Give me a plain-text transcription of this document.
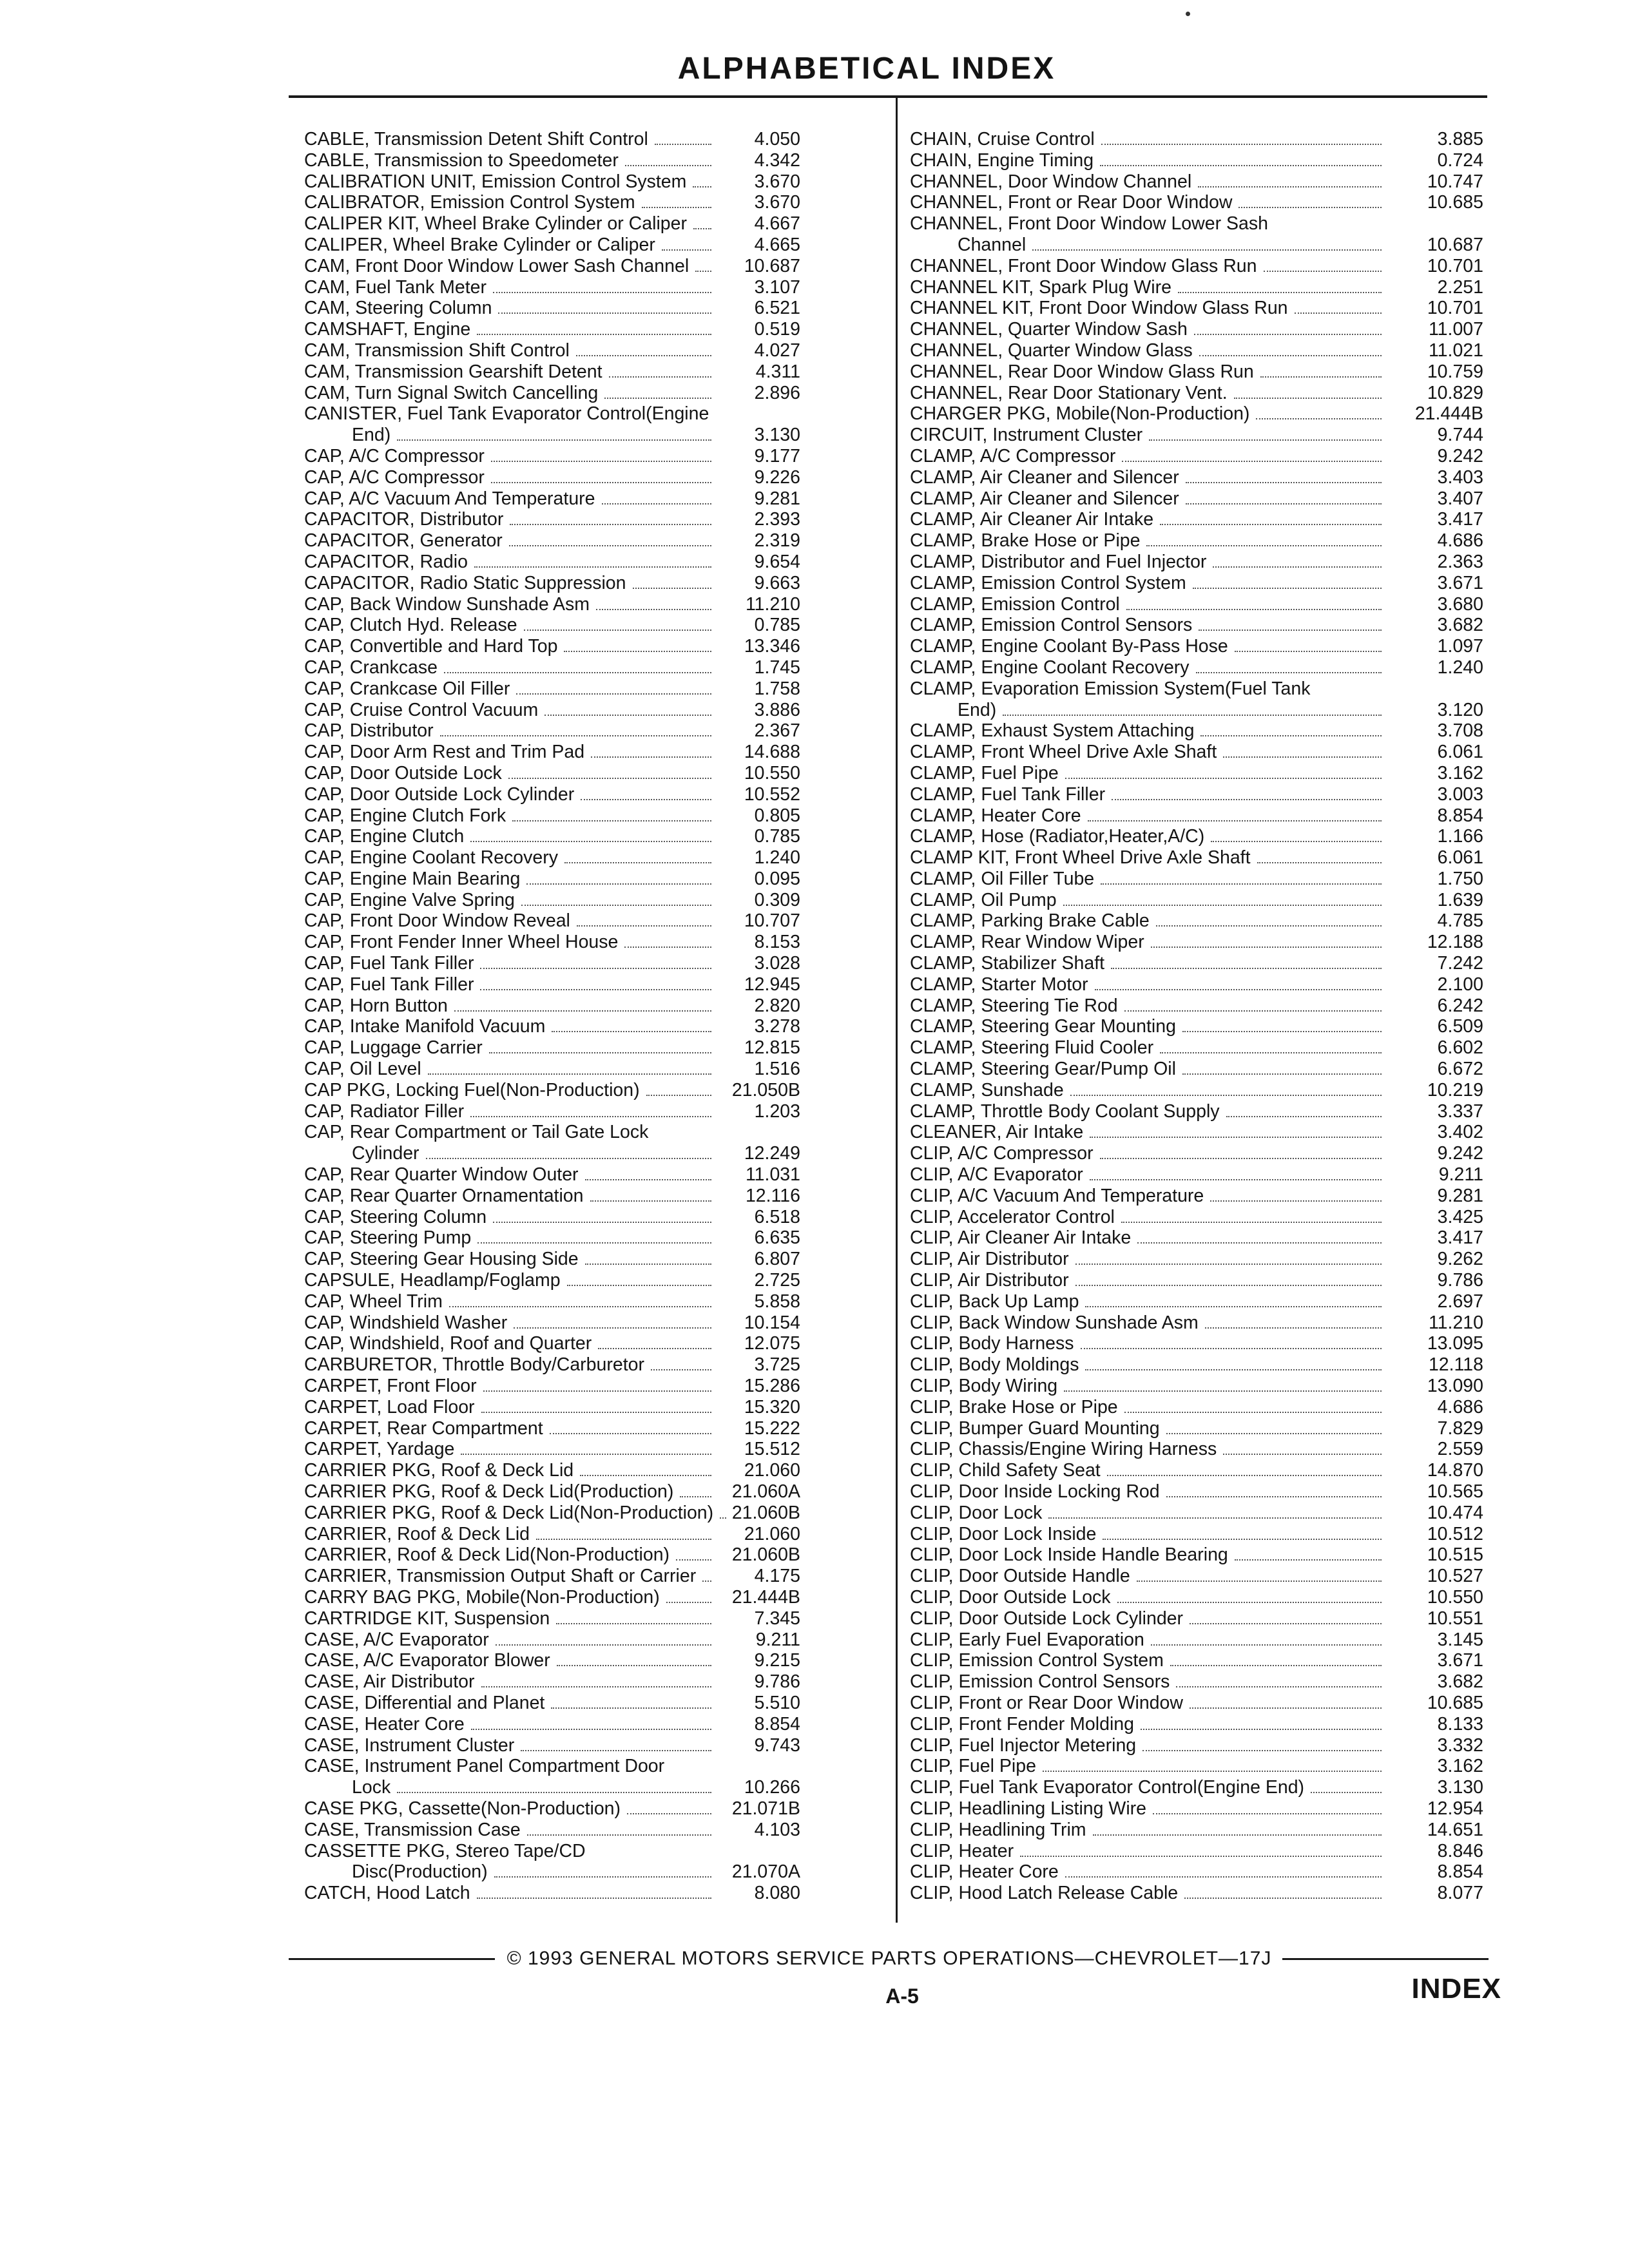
ALPHABETICAL INDEX
CABLE, Transmission Detent Shift Control	4.050
CABLE, Transmission to Speedometer	4.342
CALIBRATION UNIT, Emission Control System	3.670
CALIBRATOR, Emission Control System	3.670
CALIPER KIT, Wheel Brake Cylinder or Caliper	4.667
CALIPER, Wheel Brake Cylinder or Caliper	4.665
CAM, Front Door Window Lower Sash Channel	10.687
CAM, Fuel Tank Meter	3.107
CAM, Steering Column	6.521
CAMSHAFT, Engine	0.519
CAM, Transmission Shift Control	4.027
CAM, Transmission Gearshift Detent	4.311
CAM, Turn Signal Switch Cancelling	2.896
CANISTER, Fuel Tank Evaporator Control(Engine
End)	3.130
CAP, A/C Compressor	9.177
CAP, A/C Compressor	9.226
CAP, A/C Vacuum And Temperature	9.281
CAPACITOR, Distributor	2.393
CAPACITOR, Generator	2.319
CAPACITOR, Radio	9.654
CAPACITOR, Radio Static Suppression	9.663
CAP, Back Window Sunshade Asm	11.210
CAP, Clutch Hyd. Release	0.785
CAP, Convertible and Hard Top	13.346
CAP, Crankcase	1.745
CAP, Crankcase Oil Filler	1.758
CAP, Cruise Control Vacuum	3.886
CAP, Distributor	2.367
CAP, Door Arm Rest and Trim Pad	14.688
CAP, Door Outside Lock	10.550
CAP, Door Outside Lock Cylinder	10.552
CAP, Engine Clutch Fork	0.805
CAP, Engine Clutch	0.785
CAP, Engine Coolant Recovery	1.240
CAP, Engine Main Bearing	0.095
CAP, Engine Valve Spring	0.309
CAP, Front Door Window Reveal	10.707
CAP, Front Fender Inner Wheel House	8.153
CAP, Fuel Tank Filler	3.028
CAP, Fuel Tank Filler	12.945
CAP, Horn Button	2.820
CAP, Intake Manifold Vacuum	3.278
CAP, Luggage Carrier	12.815
CAP, Oil Level	1.516
CAP PKG, Locking Fuel(Non-Production)	21.050B
CAP, Radiator Filler	1.203
CAP, Rear Compartment or Tail Gate Lock
Cylinder	12.249
CAP, Rear Quarter Window Outer	11.031
CAP, Rear Quarter Ornamentation	12.116
CAP, Steering Column	6.518
CAP, Steering Pump	6.635
CAP, Steering Gear Housing Side	6.807
CAPSULE, Headlamp/Foglamp	2.725
CAP, Wheel Trim	5.858
CAP, Windshield Washer	10.154
CAP, Windshield, Roof and Quarter	12.075
CARBURETOR, Throttle Body/Carburetor	3.725
CARPET, Front Floor	15.286
CARPET, Load Floor	15.320
CARPET, Rear Compartment	15.222
CARPET, Yardage	15.512
CARRIER PKG, Roof & Deck Lid	21.060
CARRIER PKG, Roof & Deck Lid(Production)	21.060A
CARRIER PKG, Roof & Deck Lid(Non-Production) 21.060B
CARRIER, Roof & Deck Lid	21.060
CARRIER, Roof & Deck Lid(Non-Production)	21.060B
CARRIER, Transmission Output Shaft or Carrier	4.175
CARRY BAG PKG, Mobile(Non-Production)	21.444B
CARTRIDGE KIT, Suspension	7.345
CASE, A/C Evaporator	9.211
CASE, A/C Evaporator Blower	9.215
CASE, Air Distributor	9.786
CASE, Differential and Planet	5.510
CASE, Heater Core	8.854
CASE, Instrument Cluster	9.743
CASE, Instrument Panel Compartment Door
Lock	10.266
CASE PKG, Cassette(Non-Production)	21.071B
CASE, Transmission Case	4.103
CASSETTE PKG, Stereo Tape/CD
Disc(Production)	21.070A
CATCH, Hood Latch	8.080
CHAIN, Cruise Control	3.885
CHAIN, Engine Timing	0.724
CHANNEL, Door Window Channel	10.747
CHANNEL, Front or Rear Door Window	10.685
CHANNEL, Front Door Window Lower Sash
Channel	10.687
CHANNEL, Front Door Window Glass Run	10.701
CHANNEL KIT, Spark Plug Wire	2.251
CHANNEL KIT, Front Door Window Glass Run	10.701
CHANNEL, Quarter Window Sash	11.007
CHANNEL, Quarter Window Glass	11.021
CHANNEL, Rear Door Window Glass Run	10.759
CHANNEL, Rear Door Stationary Vent.	10.829
CHARGER PKG, Mobile(Non-Production)	21.444B
CIRCUIT, Instrument Cluster	9.744
CLAMP, A/C Compressor	9.242
CLAMP, Air Cleaner and Silencer	3.403
CLAMP, Air Cleaner and Silencer	3.407
CLAMP, Air Cleaner Air Intake	3.417
CLAMP, Brake Hose or Pipe	4.686
CLAMP, Distributor and Fuel Injector	2.363
CLAMP, Emission Control System	3.671
CLAMP, Emission Control	3.680
CLAMP, Emission Control Sensors	3.682
CLAMP, Engine Coolant By-Pass Hose	1.097
CLAMP, Engine Coolant Recovery	1.240
CLAMP, Evaporation Emission System(Fuel Tank
End)	3.120
CLAMP, Exhaust System Attaching	3.708
CLAMP, Front Wheel Drive Axle Shaft	6.061
CLAMP, Fuel Pipe	3.162
CLAMP, Fuel Tank Filler	3.003
CLAMP, Heater Core	8.854
CLAMP, Hose (Radiator,Heater,A/C)	1.166
CLAMP KIT, Front Wheel Drive Axle Shaft	6.061
CLAMP, Oil Filler Tube	1.750
CLAMP, Oil Pump	1.639
CLAMP, Parking Brake Cable	4.785
CLAMP, Rear Window Wiper	12.188
CLAMP, Stabilizer Shaft	7.242
CLAMP, Starter Motor	2.100
CLAMP, Steering Tie Rod	6.242
CLAMP, Steering Gear Mounting	6.509
CLAMP, Steering Fluid Cooler	6.602
CLAMP, Steering Gear/Pump Oil	6.672
CLAMP, Sunshade	10.219
CLAMP, Throttle Body Coolant Supply	3.337
CLEANER, Air Intake	3.402
CLIP, A/C Compressor	9.242
CLIP, A/C Evaporator	9.211
CLIP, A/C Vacuum And Temperature	9.281
CLIP, Accelerator Control	3.425
CLIP, Air Cleaner Air Intake	3.417
CLIP, Air Distributor	9.262
CLIP, Air Distributor	9.786
CLIP, Back Up Lamp	2.697
CLIP, Back Window Sunshade Asm	11.210
CLIP, Body Harness	13.095
CLIP, Body Moldings	12.118
CLIP, Body Wiring	13.090
CLIP, Brake Hose or Pipe	4.686
CLIP, Bumper Guard Mounting	7.829
CLIP, Chassis/Engine Wiring Harness	2.559
CLIP, Child Safety Seat	14.870
CLIP, Door Inside Locking Rod	10.565
CLIP, Door Lock	10.474
CLIP, Door Lock Inside	10.512
CLIP, Door Lock Inside Handle Bearing	10.515
CLIP, Door Outside Handle	10.527
CLIP, Door Outside Lock	10.550
CLIP, Door Outside Lock Cylinder	10.551
CLIP, Early Fuel Evaporation	3.145
CLIP, Emission Control System	3.671
CLIP, Emission Control Sensors	3.682
CLIP, Front or Rear Door Window	10.685
CLIP, Front Fender Molding	8.133
CLIP, Fuel Injector Metering	3.332
CLIP, Fuel Pipe	3.162
CLIP, Fuel Tank Evaporator Control(Engine End)	3.130
CLIP, Headlining Listing Wire	12.954
CLIP, Headlining Trim	14.651
CLIP, Heater	8.846
CLIP, Heater Core	8.854
CLIP, Hood Latch Release Cable	8.077
© 1993 GENERAL MOTORS SERVICE PARTS OPERATIONS—CHEVROLET—17J
A-5	INDEX
